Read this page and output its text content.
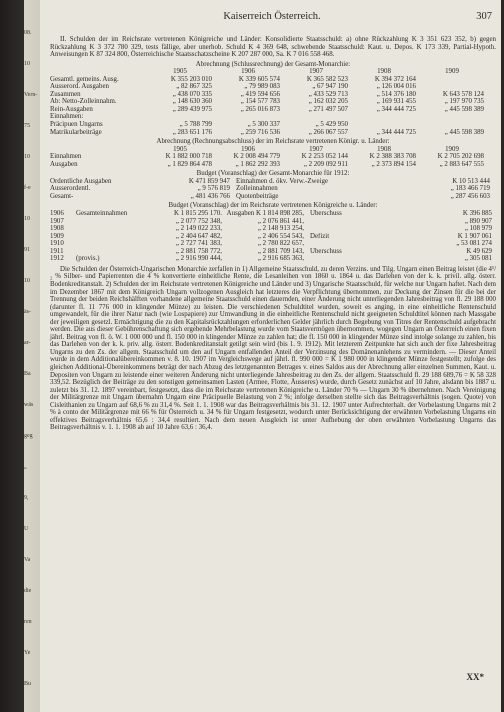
08.
10
Vern-
75
10
f-e
10
91
10
äs-
ar-
Ba
wäs
geg
„
9,
U
Va
die
ren
Ye
Bu
Kaiserreich Österreich.	307

II. Schulden der im Reichsrate vertretenen Königreiche und Länder: Konsolidierte Staatsschuld: a) ohne Rückzahlung K 3 351 623 352, b) gegen Rückzahlung K 3 372 780 329, tests fällige, aber unerhob. Schuld K 4 369 648, schwebende Staatsschuld: Kaut. u. Depos. K 173 339, Partial-Hypoth. Anweisungen K 87 324 800, Österreichische Staatsschatzscheine K 207 287 000, Sa. K 7 016 558 468.

Abrechnung (Schlussrechnung) der Gesamt-Monarchie:
1905	1906	1907	1908	1909
Gesamtl. gemeins. Ausg.	K 355 203 010	K 339 605 574	K 365 582 523	K 394 372 164
Ausserord. Ausgaben	„ 82 867 325	„ 79 989 083	„ 67 947 190	„ 126 004 016
Zusammen	„ 438 070 335	„ 419 594 656	„ 433 529 713	„ 514 376 180	K 643 578 124
Ab: Netto-Zolleinnahm.	„ 148 630 360	„ 154 577 783	„ 162 032 205	„ 169 931 455	„ 197 970 735
Rein-Ausgaben	„ 289 439 975	„ 265 016 873	„ 271 497 507	„ 344 444 725	„ 445 598 389
Einnahmen:
Präcipuen Ungarns	„ 5 788 799	„ 5 300 337	„ 5 429 950
Matrikularbeiträge	„ 283 651 176	„ 259 716 536	„ 266 067 557	„ 344 444 725	„ 445 598 389
Abrechnung (Rechnungsabschluss) der im Reichsrate vertretenen Königr. u. Länder:
1905	1906	1907	1908	1909
Einnahmen	K 1 882 000 718	K 2 008 494 779	K 2 253 052 144	K 2 388 383 708	K 2 705 202 698
Ausgaben	„ 1 829 864 478	„ 1 862 292 393	„ 2 209 092 911	„ 2 373 894 154	„ 2 883 647 555
Budget (Voranschlag) der Gesamt-Monarchie für 1912:
Ordentliche Ausgaben	K 471 859 947 Einnahmen d. ökv. Verw.-Zweige	K 10 513 444
Ausserordentl.	„ 9 576 819 Zolleinnahmen	„ 183 466 719
Gesamt-	„ 481 436 766 Quotenbeiträge	„ 287 456 603
Budget (Voranschlag) der im Reichsrate vertretenen Königreiche u. Länder:
1906	Gesamteinnahmen	K 1 815 295 170. Ausgaben K 1 814 898 285, Überschuss	K 396 885
1907	„ 2 077 752 348,	„ 2 076 861 441,	„ 890 907
1908	„ 2 149 022 233,	„ 2 148 913 254,	„ 108 979
1909	„ 2 404 647 482,	„ 2 406 554 543, Defizit	K 1 907 061
1910	„ 2 727 741 383,	„ 2 780 822 657,	„ 53 081 274
1911	„ 2 881 758 772,	„ 2 881 709 143, Überschuss	K 49 629
1912	(provis.)	„ 2 916 990 444,	„ 2 916 685 363,	„ 305 081

Die Schulden der Österreich-Ungarischen Monarchie zerfallen in 1) Allgemeine Staatsschuld, zu deren Verzins. und Tilg. Ungarn einen Beitrag leistet (die 4¹/₂ % Silber- und Papierrenten die 4 % konvertierte einheitliche Rente, die Lesanleihen von 1860 u. 1864 u. das Darlehen von der k. k. privil. allg. österr. Bodenkreditanstalt. 2) Schulden der im Reichsrate vertretenen Königreiche und Länder und 3) Ungarische Staatsschuld, für welche nur Ungarn haftet. Nach dem im Dezember 1867 mit dem Königreich Ungarn vollzogenen Ausgleich hat letzteres die Verpflichtung übernommen, zur Deckung der Zinsen für die bei der Trennung der beiden Reichshälften vorhandene allgemeine Staatsschuld einen dauernden, einer Änderung nicht unterliegenden Jahresbeitrag von fl. 29 188 000 (darunter fl. 11 776 000 in klingender Münze) zu leisten. Die verschiedenen Schuldtitel wurden, soweit es anging, in eine einheitliche Rentenschuld umgewandelt, für die ihrer Natur nach (wie Lospapiere) zur Umwandlung in die einheitliche Rentenschuld nicht geeigneten Schuldtitel können nach Massgabe der jeweiligen gesetzl. Ermächtigung die zu den Kapitalsrückzahlungen erforderlichen Gelder jährlich durch Begebung von Titres der Rentenschuld aufgebracht werden. Die aus dieser Gebührenschaftung sich ergebende Mehrbelastung wurde vom Staatsvermögen übernommen, wogegen Ungarn an Österreich einen fixen jährl. Beitrag von fl. ö. W. 1 000 000 und fl. 150 000 in klingender Münze zu zahlen hat; die fl. 150 000 in klingender Münze sind intolge solange zu zahlen, bis das Darlehen von der k. k. priv. allg. österr. Bodenkreditanstalt getilgt sein wird (bis 1. 9. 1912). Mit letzterem Zeitpunkte hat sich auch der fixe Jahresbeitrag Ungarns zu den Zs. der allgem. Staatsschuld um den auf Ungarn entfallenden Anteil der Verzinsung des Domänenanlehens zu vermindern. — Dieser Anteil wurde in dem Additionalübereinkommen v. 8. 10. 1907 im Vergleichswege auf jährl. fl. 990 000 = K 1 980 000 in klingender Münze festgestellt; zufolge des gleichen Additional-Übereinkommens beträgt der nach Abzug des letztgenannten Betrages v. eines Saldos aus der Abrechnung aller einzelnen Summen, Kaut. u. Depositen von Ungarn zu leistende einer weiteren Änderung nicht unterliegende Jahresbeitrag zu den Zs. der allgem. Staatsschuld fl. 29 188 689,76 = K 58 328 339,52. Bezüglich der Beiträge zu den sonstigen gemeinsamen Lasten (Armee, Flotte, Äusseres) wurde, durch Gesetz zunächst auf 10 Jahre, alsdann bis 1887 u. zuletzt bis 31. 12. 1897 vereinbart, festgesetzt, dass die im Reichsrate vertretenen Königreiche u. Länder 70 % — Ungarn 30 % übernehmen. Nach Vereinigung der Militärgrenze mit Ungarn übernahm Ungarn eine Präcipuelle Belastung von 2 %; infolge derselben stellte sich das Beitragsverhältnis (sogen. Quote) von Cisleithanien zu Ungarn auf 68,6 % zu 31,4 %. Seit 1. 1. 1908 war das Beitragsverhältnis bis 31. 12. 1907 unter Aufrechterhalt. der Vorbelastung Ungarns mit 2 % à conto der Militärgrenze mit 66 % für Österreich u. 34 % für Ungarn festgesetzt, wodurch unter Berücksichtigung der erwähnten Vorbelastung Ungarns ein effektives Beitragsverhältnis 65,6 : 34,4 resultiert. Nach dem neuen Ausgleich ist unter Aufhebung der oben erwähnten Vorbelastung Ungarns das Beitragsverhältnis v. 1. 1. 1908 ab auf 10 Jahre 63,6 : 36,4.

XX*
